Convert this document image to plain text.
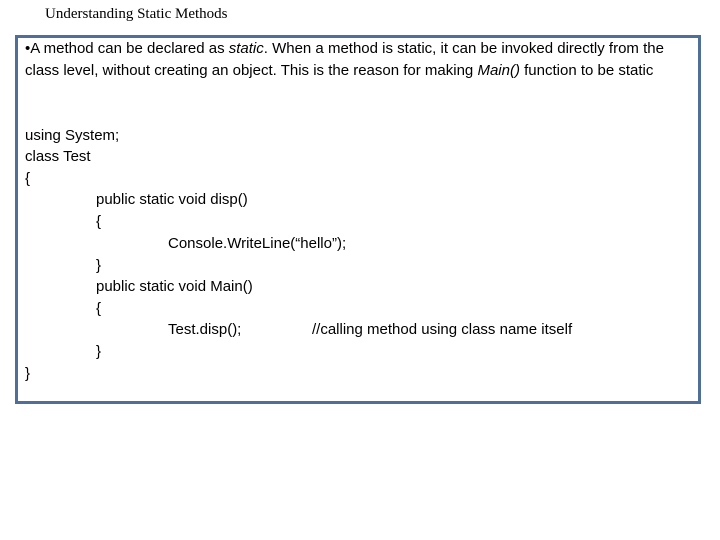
Understanding Static Methods
•A method can be declared as static. When a method is static, it can be invoked directly from the class level, without creating an object. This is the reason for making Main() function to be static
using System;
class Test
{
public static void disp()
{
Console.WriteLine(“hello”);
}
public static void Main()
{
Test.disp();	//calling method using class name itself
}
}
